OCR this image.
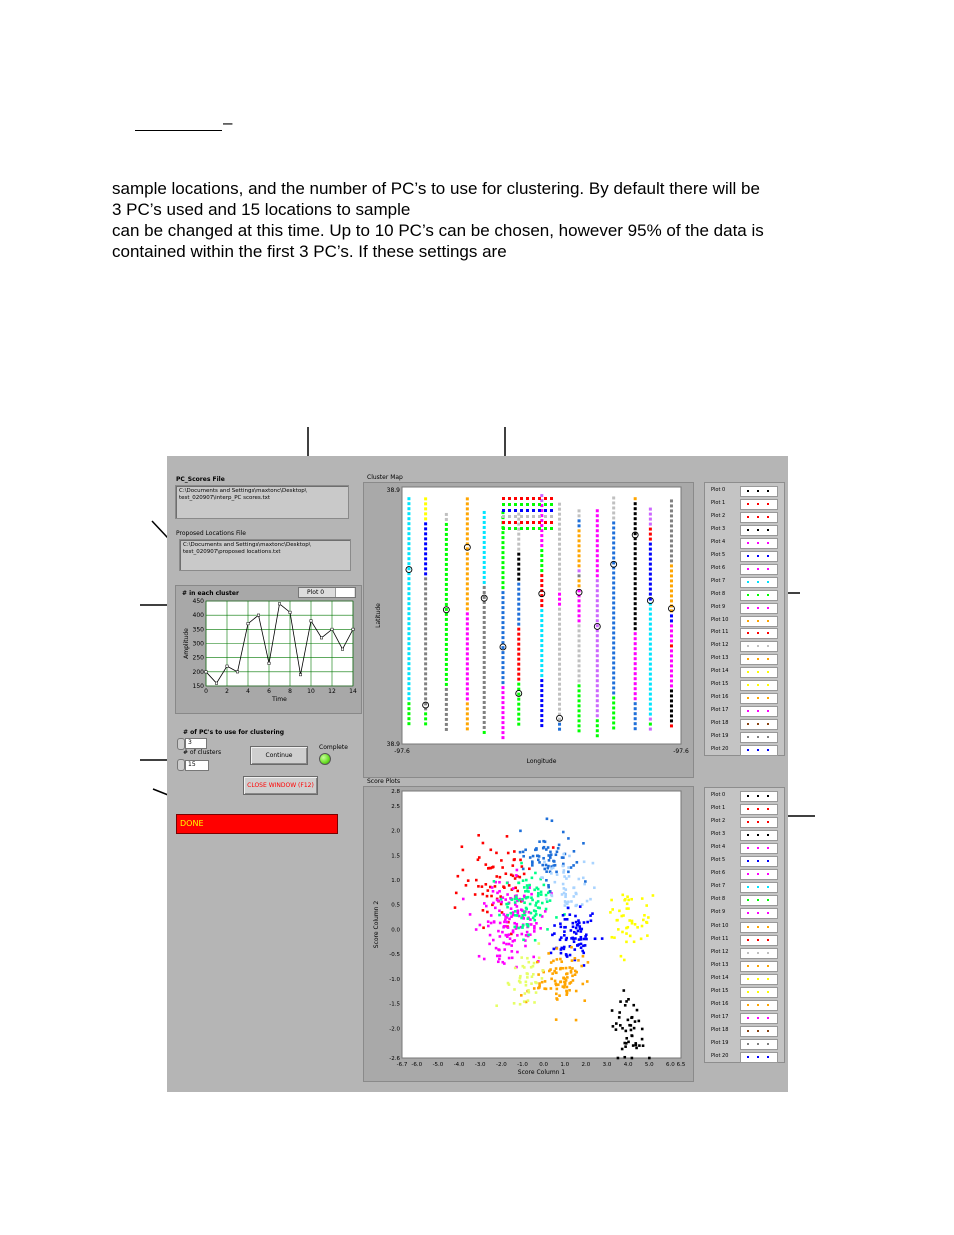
–
sample locations, and the number of PC’s to use for clustering. By default there will be
3 PC’s used and 15 locations to sample
can be changed at this time. Up to 10 PC’s can be chosen, however 95% of the data is
contained within the first 3 PC’s. If these settings are
PC_Scores File
C:\Documents and Settings\maxtonc\Desktop\ test_020907\interp_PC scores.txt
Proposed Locations File
C:\Documents and Settings\maxtonc\Desktop\ test_020907\proposed locations.txt
# in each cluster	Plot 0
0	2	4	6	8	10 12 14
450
400
350
300
250
200
150
Time
Amplitude
# of PC's to use for clustering
3
# of clusters
15
Continue
Complete
CLOSE WINDOW (F12)
DONE
Cluster Map
38.9
38.9
-97.6	-97.6
Longitude
Latitude
Score Plots
-6.7 -6.0 -5.0 -4.0 -3.0 -2.0 -1.0 0.0 1.0 2.0 3.0 4.0 5.0 6.0 6.5
2.8
2.5
2.0
1.5
1.0
0.5
0.0
-0.5
-1.0
-1.5
-2.0
-2.6
Score Column 1
Score Column 2
Plot 0
Plot 1
Plot 2
Plot 3
Plot 4
Plot 5
Plot 6
Plot 7
Plot 8
Plot 9
Plot 10
Plot 11
Plot 12
Plot 13
Plot 14
Plot 15
Plot 16
Plot 17
Plot 18
Plot 19
Plot 20
Plot 0
Plot 1
Plot 2
Plot 3
Plot 4
Plot 5
Plot 6
Plot 7
Plot 8
Plot 9
Plot 10
Plot 11
Plot 12
Plot 13
Plot 14
Plot 15
Plot 16
Plot 17
Plot 18
Plot 19
Plot 20
